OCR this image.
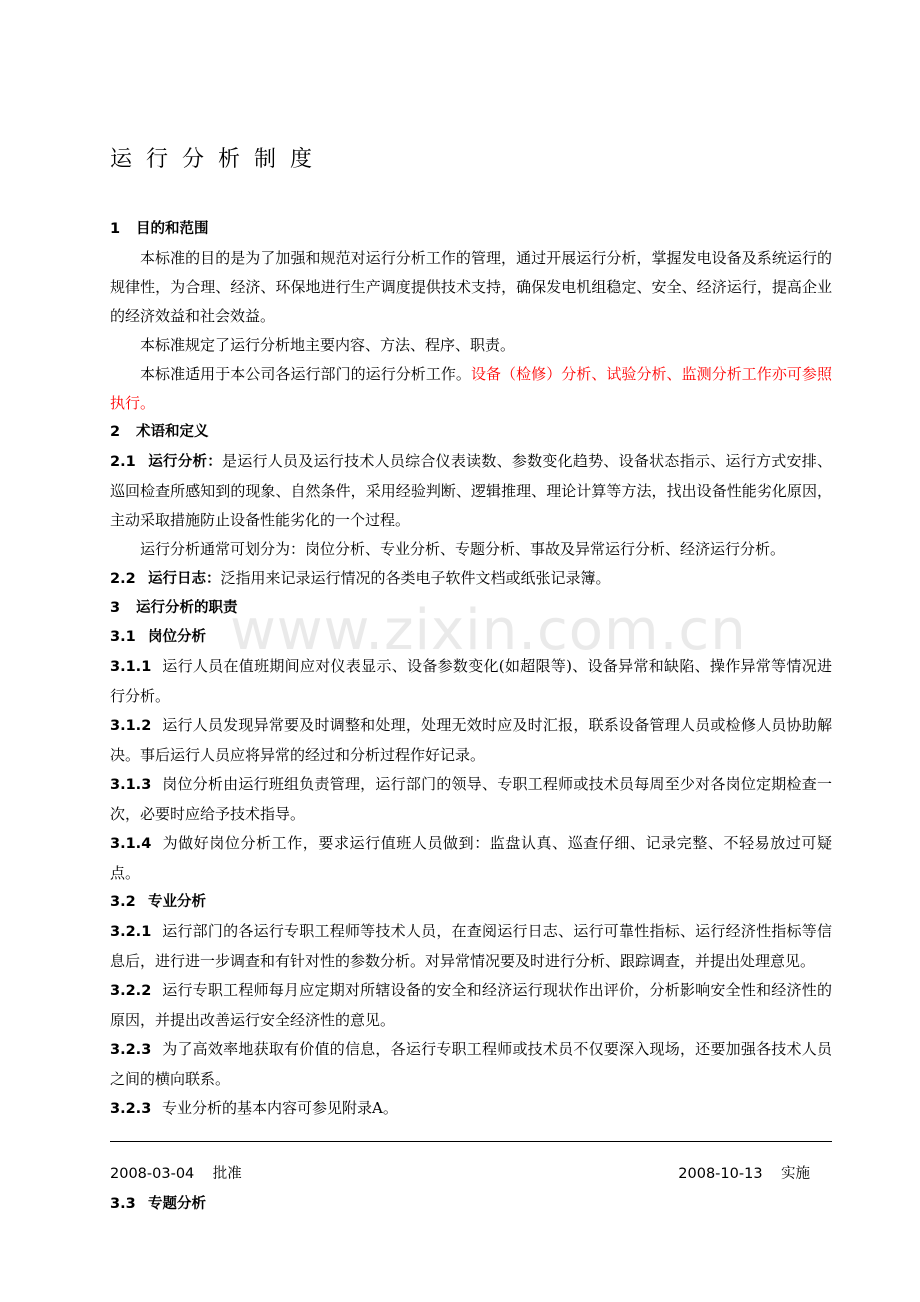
www.zixin.com.cn
运行分析制度

1 目的和范围

本标准的目的是为了加强和规范对运行分析工作的管理，通过开展运行分析，掌握发电设备及系统运行的规律性，为合理、经济、环保地进行生产调度提供技术支持，确保发电机组稳定、安全、经济运行，提高企业的经济效益和社会效益。

本标准规定了运行分析地主要内容、方法、程序、职责。

本标准适用于本公司各运行部门的运行分析工作。设备（检修）分析、试验分析、监测分析工作亦可参照执行。

2 术语和定义

2.1 运行分析：是运行人员及运行技术人员综合仪表读数、参数变化趋势、设备状态指示、运行方式安排、巡回检查所感知到的现象、自然条件，采用经验判断、逻辑推理、理论计算等方法，找出设备性能劣化原因，主动采取措施防止设备性能劣化的一个过程。

运行分析通常可划分为：岗位分析、专业分析、专题分析、事故及异常运行分析、经济运行分析。

2.2 运行日志：泛指用来记录运行情况的各类电子软件文档或纸张记录簿。

3 运行分析的职责

3.1 岗位分析

3.1.1 运行人员在值班期间应对仪表显示、设备参数变化(如超限等)、设备异常和缺陷、操作异常等情况进行分析。

3.1.2 运行人员发现异常要及时调整和处理，处理无效时应及时汇报，联系设备管理人员或检修人员协助解决。事后运行人员应将异常的经过和分析过程作好记录。

3.1.3 岗位分析由运行班组负责管理，运行部门的领导、专职工程师或技术员每周至少对各岗位定期检查一次，必要时应给予技术指导。

3.1.4 为做好岗位分析工作，要求运行值班人员做到：监盘认真、巡查仔细、记录完整、不轻易放过可疑点。

3.2 专业分析

3.2.1 运行部门的各运行专职工程师等技术人员，在查阅运行日志、运行可靠性指标、运行经济性指标等信息后，进行进一步调查和有针对性的参数分析。对异常情况要及时进行分析、跟踪调查，并提出处理意见。

3.2.2 运行专职工程师每月应定期对所辖设备的安全和经济运行现状作出评价，分析影响安全性和经济性的原因，并提出改善运行安全经济性的意见。

3.2.3 为了高效率地获取有价值的信息，各运行专职工程师或技术员不仅要深入现场，还要加强各技术人员之间的横向联系。

3.2.3 专业分析的基本内容可参见附录A。

2008-03-04 批准	2008-10-13 实施
3.3 专题分析
